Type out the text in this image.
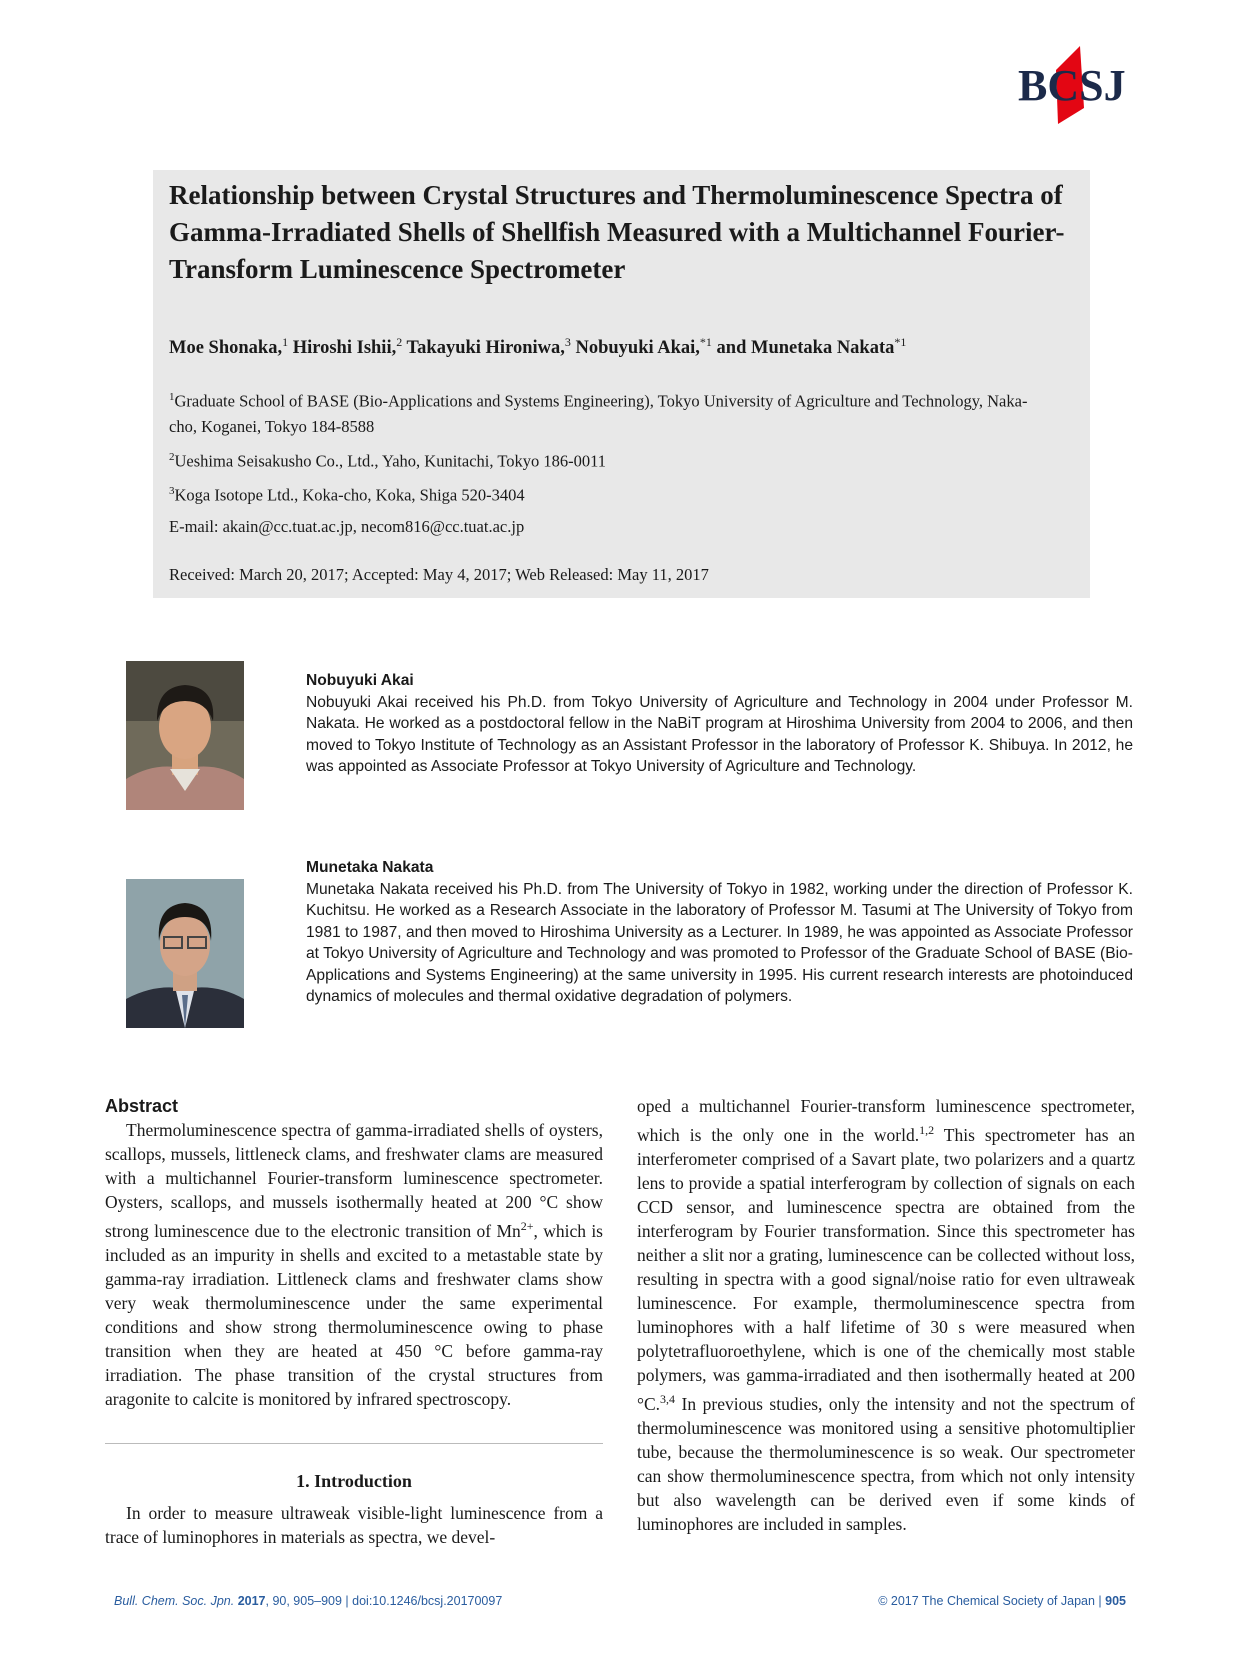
BCSJ
Relationship between Crystal Structures and Thermoluminescence Spectra of Gamma-Irradiated Shells of Shellfish Measured with a Multichannel Fourier-Transform Luminescence Spectrometer
Moe Shonaka,$^1$ Hiroshi Ishii,$^2$ Takayuki Hironiwa,$^3$ Nobuyuki Akai,$^{*1}$ and Munetaka Nakata$^{*1}$
$^1$Graduate School of BASE (Bio-Applications and Systems Engineering), Tokyo University of Agriculture and Technology, Naka-cho, Koganei, Tokyo 184-8588
$^2$Ueshima Seisakusho Co., Ltd., Yaho, Kunitachi, Tokyo 186-0011
$^3$Koga Isotope Ltd., Koka-cho, Koka, Shiga 520-3404
E-mail: akain@cc.tuat.ac.jp, necom816@cc.tuat.ac.jp
Received: March 20, 2017; Accepted: May 4, 2017; Web Released: May 11, 2017
Nobuyuki Akai
Nobuyuki Akai received his Ph.D. from Tokyo University of Agriculture and Technology in 2004 under Professor M. Nakata. He worked as a postdoctoral fellow in the NaBiT program at Hiroshima University from 2004 to 2006, and then moved to Tokyo Institute of Technology as an Assistant Professor in the laboratory of Professor K. Shibuya. In 2012, he was appointed as Associate Professor at Tokyo University of Agriculture and Technology.
Munetaka Nakata
Munetaka Nakata received his Ph.D. from The University of Tokyo in 1982, working under the direction of Professor K. Kuchitsu. He worked as a Research Associate in the laboratory of Professor M. Tasumi at The University of Tokyo from 1981 to 1987, and then moved to Hiroshima University as a Lecturer. In 1989, he was appointed as Associate Professor at Tokyo University of Agriculture and Technology and was promoted to Professor of the Graduate School of BASE (Bio-Applications and Systems Engineering) at the same university in 1995. His current research interests are photoinduced dynamics of molecules and thermal oxidative degradation of polymers.

Abstract

Thermoluminescence spectra of gamma-irradiated shells of oysters, scallops, mussels, littleneck clams, and freshwater clams are measured with a multichannel Fourier-transform luminescence spectrometer. Oysters, scallops, and mussels isothermally heated at 200 °C show strong luminescence due to the electronic transition of $Mn^{2+}$, which is included as an impurity in shells and excited to a metastable state by gamma-ray irradiation. Littleneck clams and freshwater clams show very weak thermoluminescence under the same experimental conditions and show strong thermoluminescence owing to phase transition when they are heated at 450 °C before gamma-ray irradiation. The phase transition of the crystal structures from aragonite to calcite is monitored by infrared spectroscopy.

1. Introduction

In order to measure ultraweak visible-light luminescence from a trace of luminophores in materials as spectra, we devel-

oped a multichannel Fourier-transform luminescence spectrometer, which is the only one in the world.$^{1,2}$ This spectrometer has an interferometer comprised of a Savart plate, two polarizers and a quartz lens to provide a spatial interferogram by collection of signals on each CCD sensor, and luminescence spectra are obtained from the interferogram by Fourier transformation. Since this spectrometer has neither a slit nor a grating, luminescence can be collected without loss, resulting in spectra with a good signal/noise ratio for even ultraweak luminescence. For example, thermoluminescence spectra from luminophores with a half lifetime of 30 s were measured when polytetrafluoroethylene, which is one of the chemically most stable polymers, was gamma-irradiated and then isothermally heated at 200 °C.$^{3,4}$ In previous studies, only the intensity and not the spectrum of thermoluminescence was monitored using a sensitive photomultiplier tube, because the thermoluminescence is so weak. Our spectrometer can show thermoluminescence spectra, from which not only intensity but also wavelength can be derived even if some kinds of luminophores are included in samples.

Bull. Chem. Soc. Jpn. 2017, 90, 905–909 | doi:10.1246/bcsj.20170097	© 2017 The Chemical Society of Japan | 905
